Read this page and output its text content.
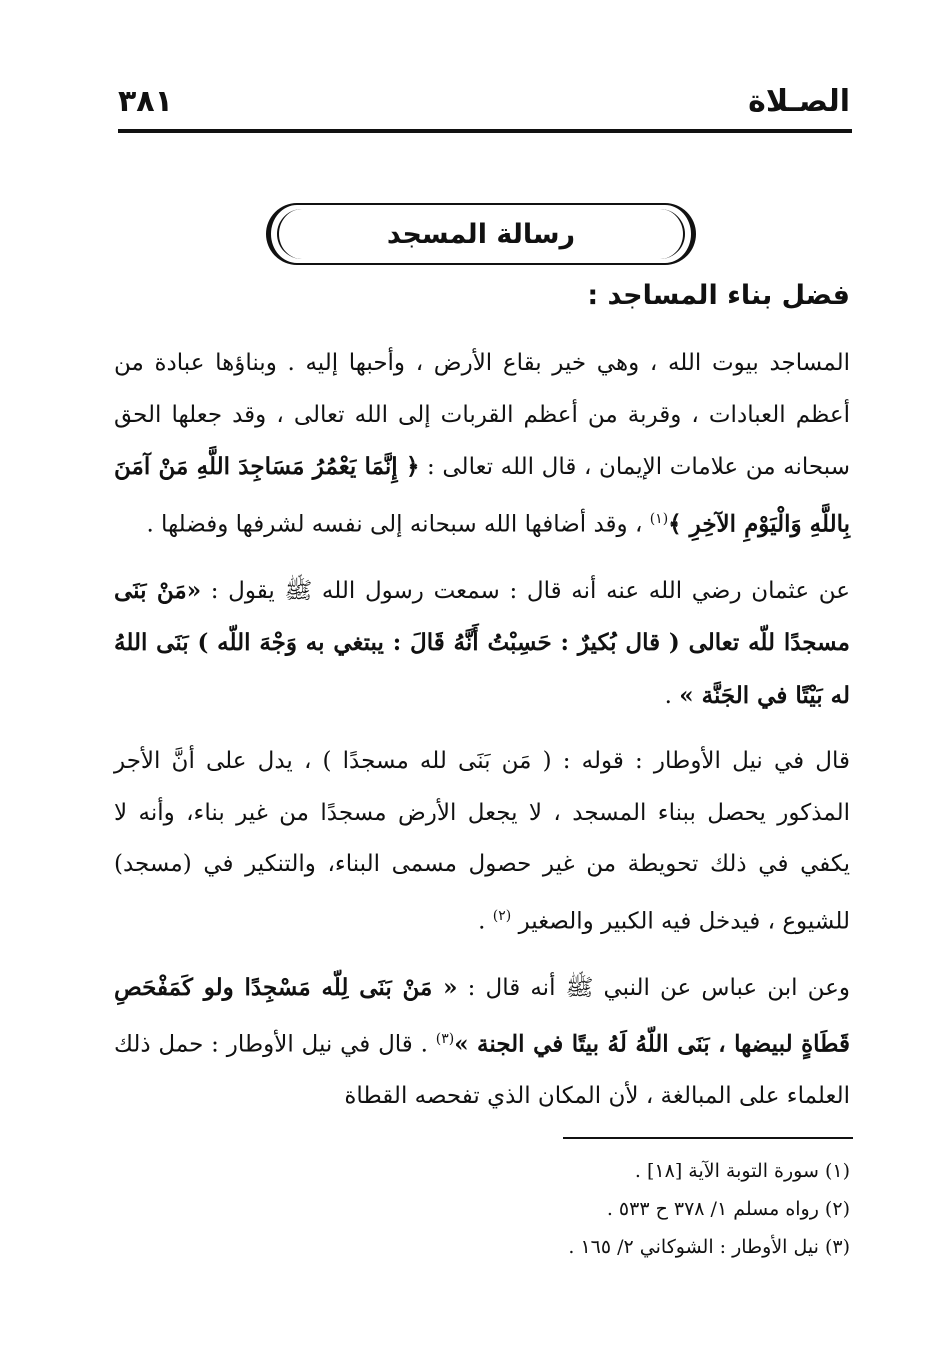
الصـلاة
٣٨١
رسالة المسجد
فضل بناء المساجد :

المساجد بيوت الله ، وهي خير بقاع الأرض ، وأحبها إليه . وبناؤها عبادة من أعظم العبادات ، وقربة من أعظم القربات إلى الله تعالى ، وقد جعلها الحق سبحانه من علامات الإيمان ، قال الله تعالى : ﴿ إِنَّمَا يَعْمُرُ مَسَاجِدَ اللَّهِ مَنْ آمَنَ بِاللَّهِ وَالْيَوْمِ الآخِرِ ﴾$^{(١)}$ ، وقد أضافها الله سبحانه إلى نفسه لشرفها وفضلها .

عن عثمان رضي الله عنه أنه قال : سمعت رسول الله ﷺ يقول : «مَنْ بَنَى مسجدًا للّه تعالى ( قال بُكيرٌ : حَسِبْتُ أَنَّهُ قَالَ : يبتغي به وَجْهَ اللّه ) بَنَى اللهُ له بَيْتًا في الجَنَّة » .

قال في نيل الأوطار : قوله : ( مَن بَنَى لله مسجدًا ) ، يدل على أنَّ الأجر المذكور يحصل ببناء المسجد ، لا يجعل الأرض مسجدًا من غير بناء، وأنه لا يكفي في ذلك تحويطة من غير حصول مسمى البناء، والتنكير في (مسجد) للشيوع ، فيدخل فيه الكبير والصغير $^{(٢)}$ .

وعن ابن عباس عن النبي ﷺ أنه قال : « مَنْ بَنَى لِلّه مَسْجِدًا ولو كَمَفْحَصِ قَطَاةٍ لبيضها ، بَنَى اللّهُ لَهُ بيتًا في الجنة »$^{(٣)}$ . قال في نيل الأوطار : حمل ذلك العلماء على المبالغة ، لأن المكان الذي تفحصه القطاة

(١) سورة التوبة الآية [١٨] .
(٢) رواه مسلم ١/ ٣٧٨ ح ٥٣٣ .
(٣) نيل الأوطار : الشوكاني ٢/ ١٦٥ .
